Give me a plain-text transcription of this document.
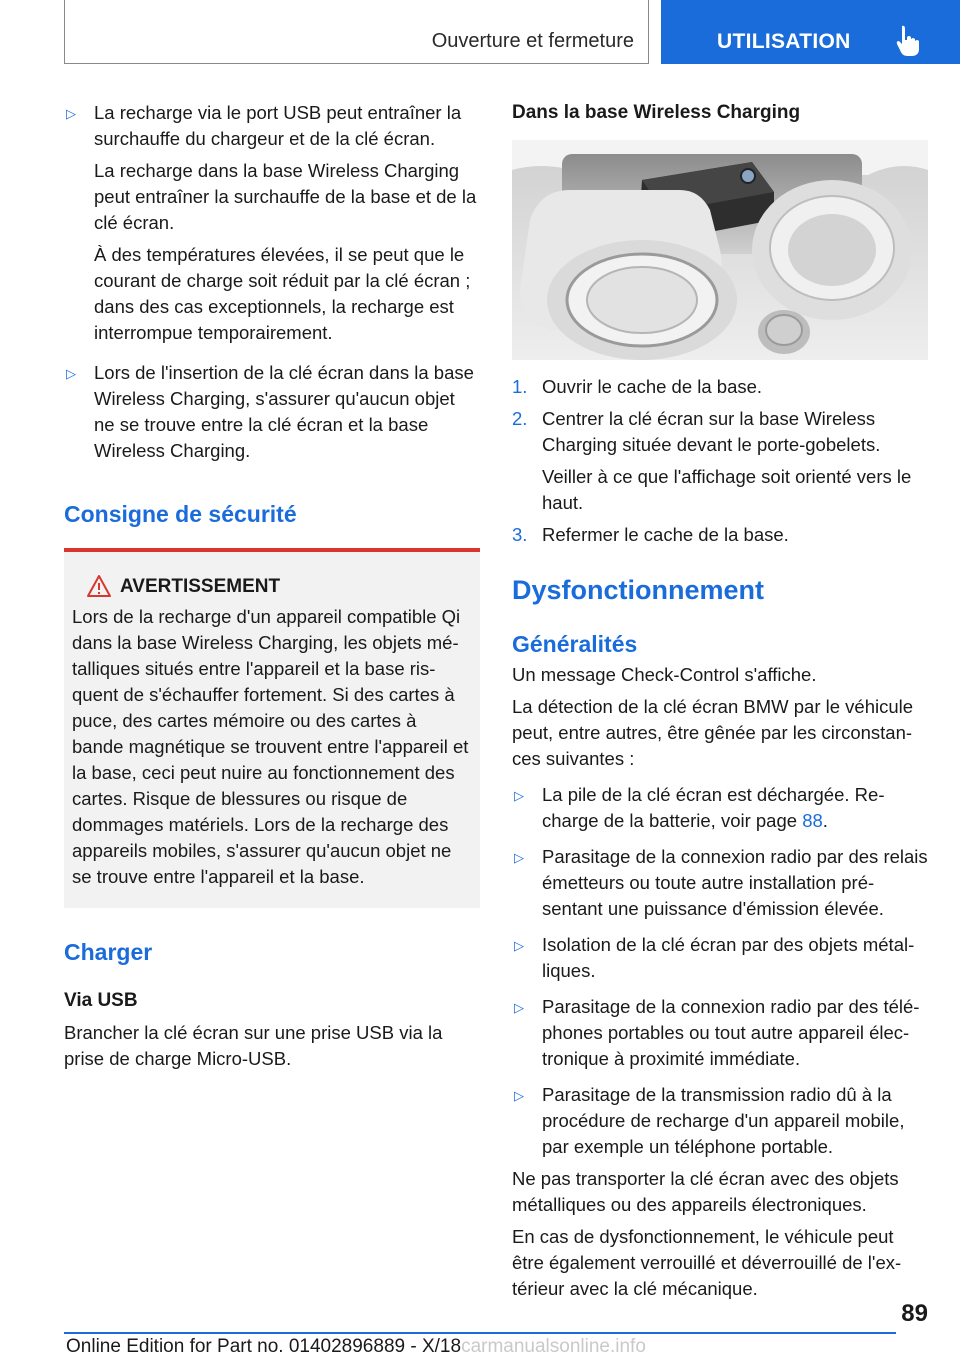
Ouverture et fermeture	UTILISATION
▷ La recharge via le port USB peut entraîner la surchauffe du chargeur et de la clé écran.
La recharge dans la base Wireless Charging peut entraîner la surchauffe de la base et de la clé écran.
À des températures élevées, il se peut que le courant de charge soit réduit par la clé écran ; dans des cas exceptionnels, la recharge est interrompue temporairement.
▷ Lors de l'insertion de la clé écran dans la base Wireless Charging, s'assurer qu'aucun objet ne se trouve entre la clé écran et la base Wireless Charging.
Consigne de sécurité
AVERTISSEMENT
Lors de la recharge d'un appareil compatible Qi dans la base Wireless Charging, les objets métalliques situés entre l'appareil et la base risquent de s'échauffer fortement. Si des cartes à puce, des cartes mémoire ou des cartes à bande magnétique se trouvent entre l'appareil et la base, ceci peut nuire au fonctionnement des cartes. Risque de blessures ou risque de dommages matériels. Lors de la recharge des appareils mobiles, s'assurer qu'aucun objet ne se trouve entre l'appareil et la base.
Charger
Via USB

Brancher la clé écran sur une prise USB via la prise de charge Micro-USB.

Dans la base Wireless Charging
1. Ouvrir le cache de la base.
2. Centrer la clé écran sur la base Wireless Charging située devant le porte-gobelets.
Veiller à ce que l'affichage soit orienté vers le haut.
3. Refermer le cache de la base.
Dysfonctionnement
Généralités

Un message Check-Control s'affiche.

La détection de la clé écran BMW par le véhicule peut, entre autres, être gênée par les circonstances suivantes :

▷ La pile de la clé écran est déchargée. Recharge de la batterie, voir page 88.
▷ Parasitage de la connexion radio par des relais émetteurs ou toute autre installation présentant une puissance d'émission élevée.
▷ Isolation de la clé écran par des objets métalliques.
▷ Parasitage de la connexion radio par des téléphones portables ou tout autre appareil électronique à proximité immédiate.
▷ Parasitage de la transmission radio dû à la procédure de recharge d'un appareil mobile, par exemple un téléphone portable.

Ne pas transporter la clé écran avec des objets métalliques ou des appareils électroniques.

En cas de dysfonctionnement, le véhicule peut être également verrouillé et déverrouillé de l'extérieur avec la clé mécanique.

89
Online Edition for Part no. 01402896889 - X/18carmanualsonline.info
